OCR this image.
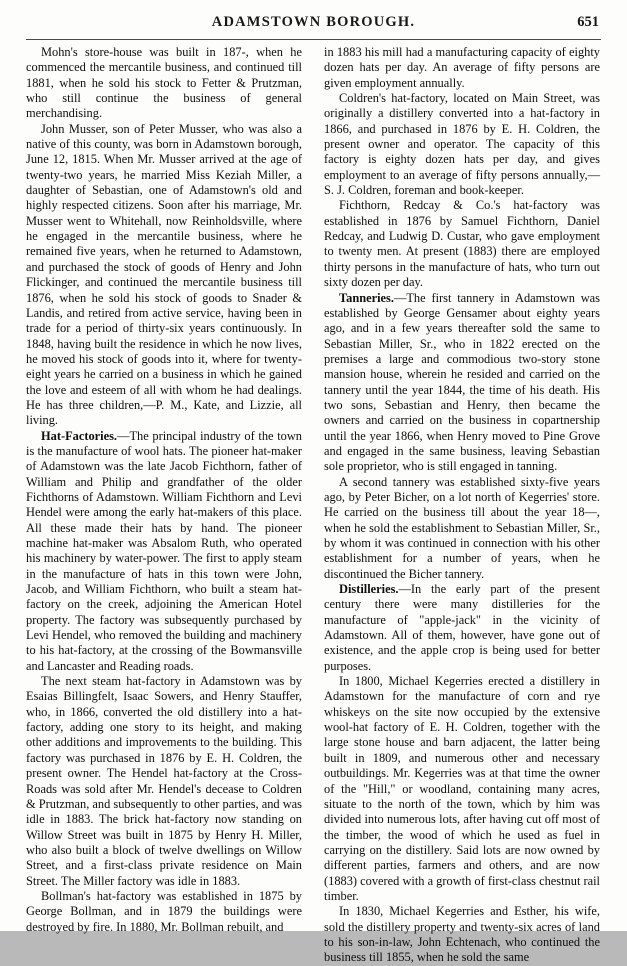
ADAMSTOWN BOROUGH.	651

Mohn's store-house was built in 187-, when he commenced the mercantile business, and continued till 1881, when he sold his stock to Fetter & Prutzman, who still continue the business of general merchandising.

John Musser, son of Peter Musser, who was also a native of this county, was born in Adamstown borough, June 12, 1815. When Mr. Musser arrived at the age of twenty-two years, he married Miss Keziah Miller, a daughter of Sebastian, one of Adamstown's old and highly respected citizens. Soon after his marriage, Mr. Musser went to Whitehall, now Reinholdsville, where he engaged in the mercantile business, where he remained five years, when he returned to Adamstown, and purchased the stock of goods of Henry and John Flickinger, and continued the mercantile business till 1876, when he sold his stock of goods to Snader & Landis, and retired from active service, having been in trade for a period of thirty-six years continuously. In 1848, having built the residence in which he now lives, he moved his stock of goods into it, where for twenty-eight years he carried on a business in which he gained the love and esteem of all with whom he had dealings. He has three children,—P. M., Kate, and Lizzie, all living.

Hat-Factories.—The principal industry of the town is the manufacture of wool hats. The pioneer hat-maker of Adamstown was the late Jacob Fichthorn, father of William and Philip and grandfather of the older Fichthorns of Adamstown. William Fichthorn and Levi Hendel were among the early hat-makers of this place. All these made their hats by hand. The pioneer machine hat-maker was Absalom Ruth, who operated his machinery by water-power. The first to apply steam in the manufacture of hats in this town were John, Jacob, and William Fichthorn, who built a steam hat-factory on the creek, adjoining the American Hotel property. The factory was subsequently purchased by Levi Hendel, who removed the building and machinery to his hat-factory, at the crossing of the Bowmansville and Lancaster and Reading roads.

The next steam hat-factory in Adamstown was by Esaias Billingfelt, Isaac Sowers, and Henry Stauffer, who, in 1866, converted the old distillery into a hat-factory, adding one story to its height, and making other additions and improvements to the building. This factory was purchased in 1876 by E. H. Coldren, the present owner. The Hendel hat-factory at the Cross-Roads was sold after Mr. Hendel's decease to Coldren & Prutzman, and subsequently to other parties, and was idle in 1883. The brick hat-factory now standing on Willow Street was built in 1875 by Henry H. Miller, who also built a block of twelve dwellings on Willow Street, and a first-class private residence on Main Street. The Miller factory was idle in 1883.

Bollman's hat-factory was established in 1875 by George Bollman, and in 1879 the buildings were destroyed by fire. In 1880, Mr. Bollman rebuilt, and

in 1883 his mill had a manufacturing capacity of eighty dozen hats per day. An average of fifty persons are given employment annually.

Coldren's hat-factory, located on Main Street, was originally a distillery converted into a hat-factory in 1866, and purchased in 1876 by E. H. Coldren, the present owner and operator. The capacity of this factory is eighty dozen hats per day, and gives employment to an average of fifty persons annually,—S. J. Coldren, foreman and book-keeper.

Fichthorn, Redcay & Co.'s hat-factory was established in 1876 by Samuel Fichthorn, Daniel Redcay, and Ludwig D. Custar, who gave employment to twenty men. At present (1883) there are employed thirty persons in the manufacture of hats, who turn out sixty dozen per day.

Tanneries.—The first tannery in Adamstown was established by George Gensamer about eighty years ago, and in a few years thereafter sold the same to Sebastian Miller, Sr., who in 1822 erected on the premises a large and commodious two-story stone mansion house, wherein he resided and carried on the tannery until the year 1844, the time of his death. His two sons, Sebastian and Henry, then became the owners and carried on the business in copartnership until the year 1866, when Henry moved to Pine Grove and engaged in the same business, leaving Sebastian sole proprietor, who is still engaged in tanning.

A second tannery was established sixty-five years ago, by Peter Bicher, on a lot north of Kegerries' store. He carried on the business till about the year 18—, when he sold the establishment to Sebastian Miller, Sr., by whom it was continued in connection with his other establishment for a number of years, when he discontinued the Bicher tannery.

Distilleries.—In the early part of the present century there were many distilleries for the manufacture of "apple-jack" in the vicinity of Adamstown. All of them, however, have gone out of existence, and the apple crop is being used for better purposes.

In 1800, Michael Kegerries erected a distillery in Adamstown for the manufacture of corn and rye whiskeys on the site now occupied by the extensive wool-hat factory of E. H. Coldren, together with the large stone house and barn adjacent, the latter being built in 1809, and numerous other and necessary outbuildings. Mr. Kegerries was at that time the owner of the "Hill," or woodland, containing many acres, situate to the north of the town, which by him was divided into numerous lots, after having cut off most of the timber, the wood of which he used as fuel in carrying on the distillery. Said lots are now owned by different parties, farmers and others, and are now (1883) covered with a growth of first-class chestnut rail timber.

In 1830, Michael Kegerries and Esther, his wife, sold the distillery property and twenty-six acres of land to his son-in-law, John Echtenach, who continued the business till 1855, when he sold the same
